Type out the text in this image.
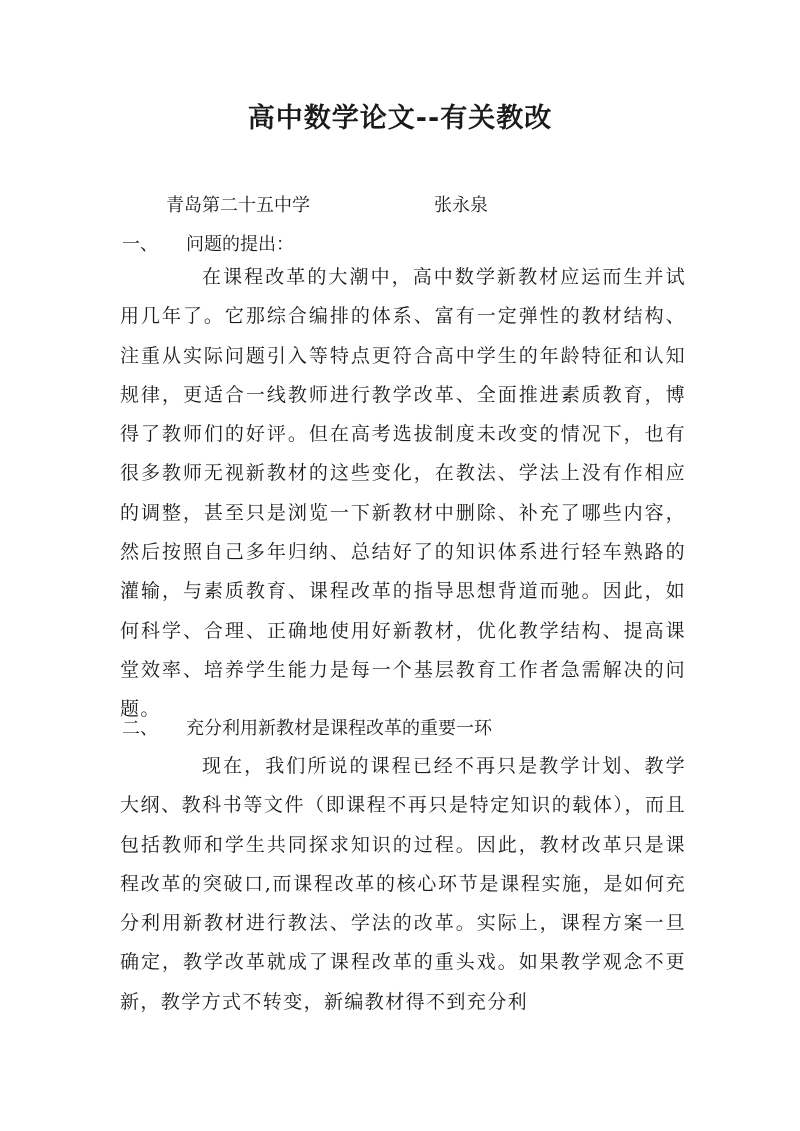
高中数学论文--有关教改
青岛第二十五中学	张永泉
一、 问题的提出：

在课程改革的大潮中，高中数学新教材应运而生并试用几年了。它那综合编排的体系、富有一定弹性的教材结构、注重从实际问题引入等特点更符合高中学生的年龄特征和认知规律，更适合一线教师进行教学改革、全面推进素质教育，博得了教师们的好评。但在高考选拔制度未改变的情况下，也有很多教师无视新教材的这些变化，在教法、学法上没有作相应的调整，甚至只是浏览一下新教材中删除、补充了哪些内容，然后按照自己多年归纳、总结好了的知识体系进行轻车熟路的灌输，与素质教育、课程改革的指导思想背道而驰。因此，如何科学、合理、正确地使用好新教材，优化教学结构、提高课堂效率、培养学生能力是每一个基层教育工作者急需解决的问题。

二、 充分利用新教材是课程改革的重要一环

现在，我们所说的课程已经不再只是教学计划、教学大纲、教科书等文件（即课程不再只是特定知识的载体），而且包括教师和学生共同探求知识的过程。因此，教材改革只是课程改革的突破口,而课程改革的核心环节是课程实施，是如何充分利用新教材进行教法、学法的改革。实际上，课程方案一旦确定，教学改革就成了课程改革的重头戏。如果教学观念不更新，教学方式不转变，新编教材得不到充分利
